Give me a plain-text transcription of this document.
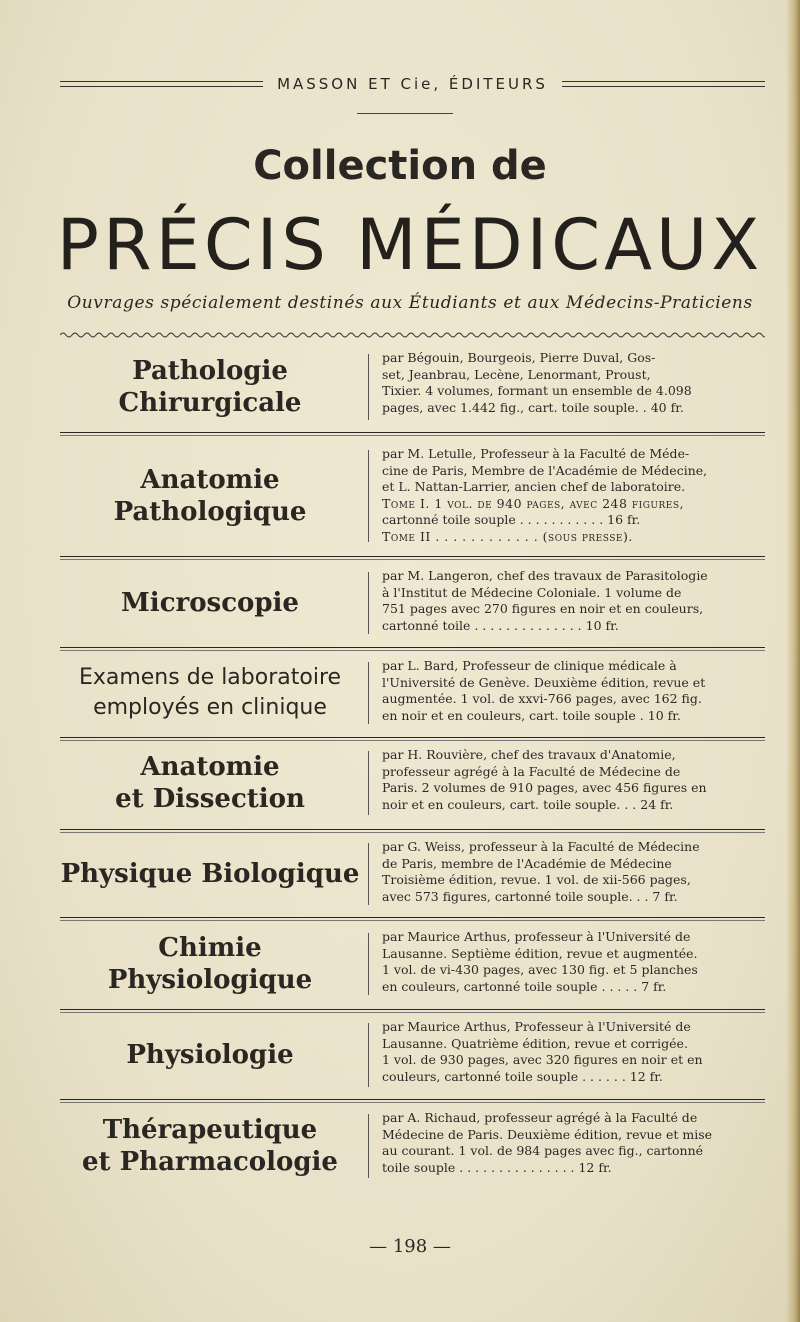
MASSON ET Cie, ÉDITEURS
Collection de
PRÉCIS MÉDICAUX
Ouvrages spécialement destinés aux Étudiants et aux Médecins-Praticiens
Pathologie
Chirurgicale
par Bégouin, Bourgeois, Pierre Duval, Gos-
set, Jeanbrau, Lecène, Lenormant, Proust,
Tixier. 4 volumes, formant un ensemble de 4.098
pages, avec 1.442 fig., cart. toile souple. . 40 fr.
Anatomie
Pathologique
par M. Letulle, Professeur à la Faculté de Méde-
cine de Paris, Membre de l'Académie de Médecine,
et L. Nattan-Larrier, ancien chef de laboratoire.
Tome I. 1 vol. de 940 pages, avec 248 figures,
cartonné toile souple . . . . . . . . . . . 16 fr.
Tome II . . . . . . . . . . . . (sous presse).
Microscopie
par M. Langeron, chef des travaux de Parasitologie
à l'Institut de Médecine Coloniale. 1 volume de
751 pages avec 270 figures en noir et en couleurs,
cartonné toile . . . . . . . . . . . . . . 10 fr.
Examens de laboratoire
employés en clinique
par L. Bard, Professeur de clinique médicale à
l'Université de Genève. Deuxième édition, revue et
augmentée. 1 vol. de xxvi-766 pages, avec 162 fig.
en noir et en couleurs, cart. toile souple . 10 fr.
Anatomie
et Dissection
par H. Rouvière, chef des travaux d'Anatomie,
professeur agrégé à la Faculté de Médecine de
Paris. 2 volumes de 910 pages, avec 456 figures en
noir et en couleurs, cart. toile souple. . . 24 fr.
Physique Biologique
par G. Weiss, professeur à la Faculté de Médecine
de Paris, membre de l'Académie de Médecine
Troisième édition, revue. 1 vol. de xii-566 pages,
avec 573 figures, cartonné toile souple. . . 7 fr.
Chimie
Physiologique
par Maurice Arthus, professeur à l'Université de
Lausanne. Septième édition, revue et augmentée.
1 vol. de vi-430 pages, avec 130 fig. et 5 planches
en couleurs, cartonné toile souple . . . . . 7 fr.
Physiologie
par Maurice Arthus, Professeur à l'Université de
Lausanne. Quatrième édition, revue et corrigée.
1 vol. de 930 pages, avec 320 figures en noir et en
couleurs, cartonné toile souple . . . . . . 12 fr.
Thérapeutique
et Pharmacologie
par A. Richaud, professeur agrégé à la Faculté de
Médecine de Paris. Deuxième édition, revue et mise
au courant. 1 vol. de 984 pages avec fig., cartonné
toile souple . . . . . . . . . . . . . . . 12 fr.
— 198 —
